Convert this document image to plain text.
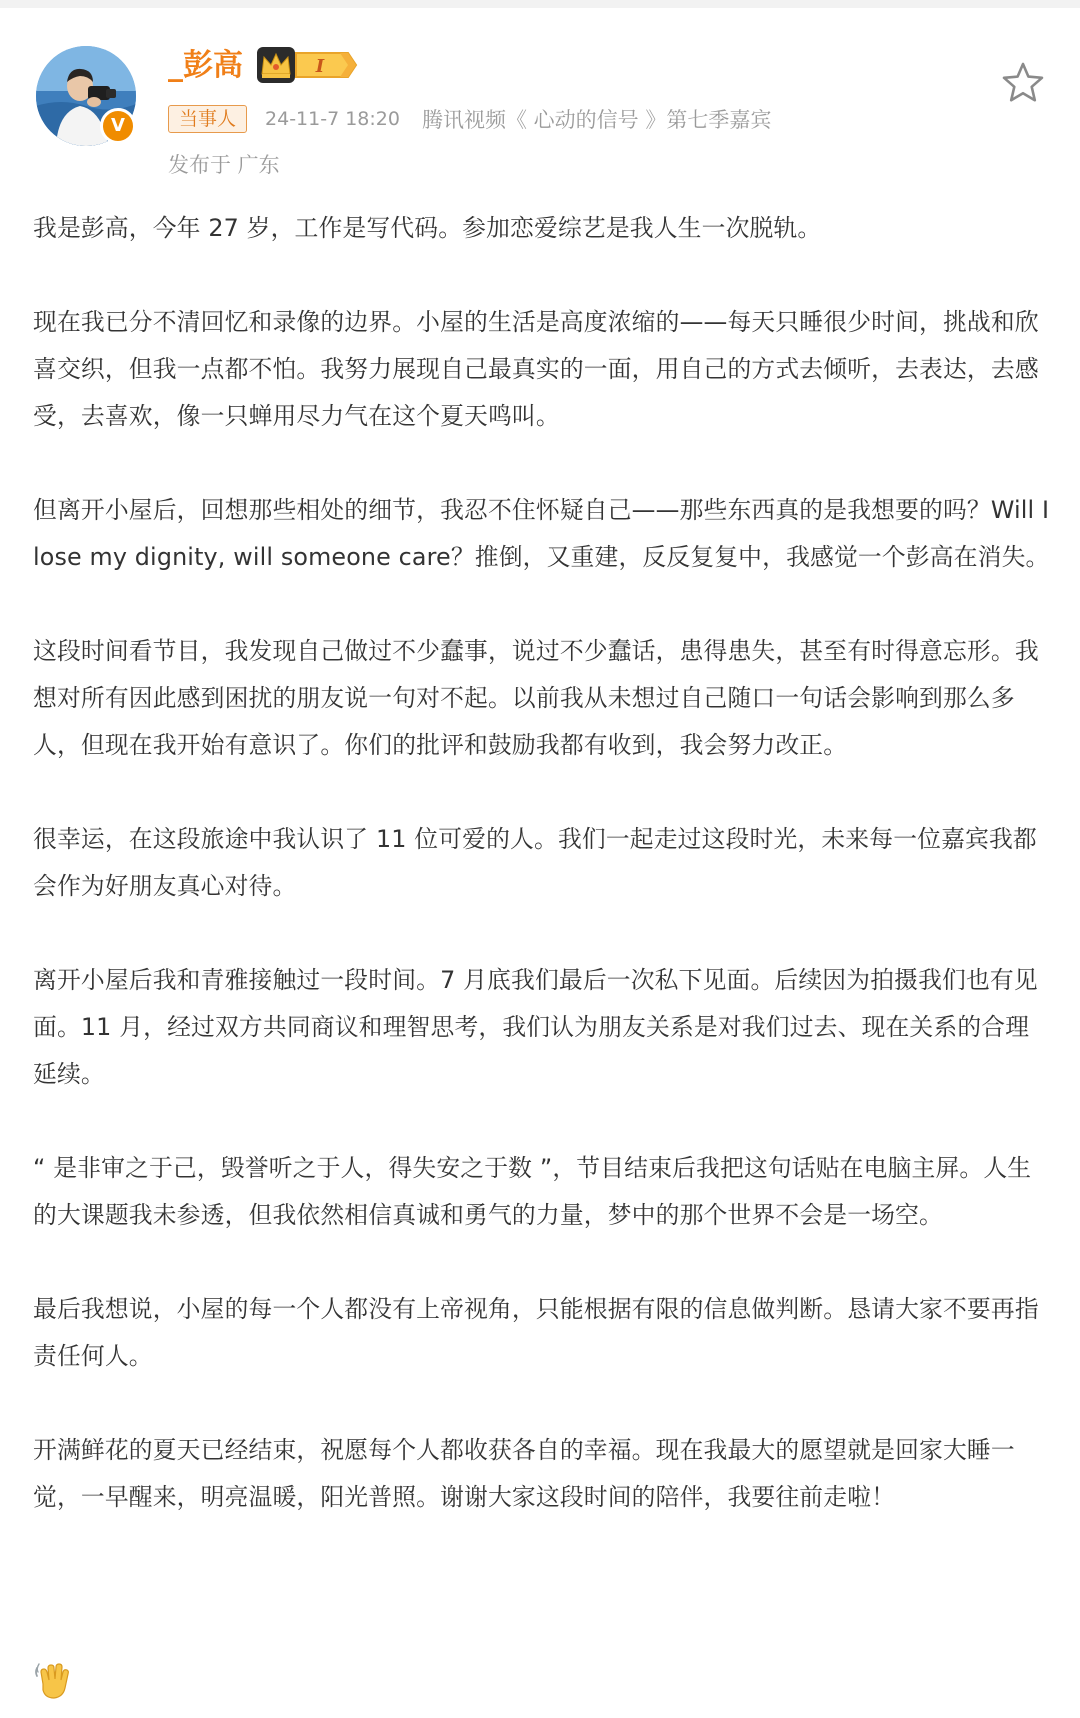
V
_彭高	I
当事人	24-11-7 18:20 腾讯视频《 心动的信号 》第七季嘉宾
发布于 广东

我是彭高，今年 27 岁，工作是写代码。参加恋爱综艺是我人生一次脱轨。

现在我已分不清回忆和录像的边界。小屋的生活是高度浓缩的——每天只睡很少时间，挑战和欣喜交织，但我一点都不怕。我努力展现自己最真实的一面，用自己的方式去倾听，去表达，去感受，去喜欢，像一只蝉用尽力气在这个夏天鸣叫。

但离开小屋后，回想那些相处的细节，我忍不住怀疑自己——那些东西真的是我想要的吗？Will I lose my dignity, will someone care？推倒，又重建，反反复复中，我感觉一个彭高在消失。

这段时间看节目，我发现自己做过不少蠢事，说过不少蠢话，患得患失，甚至有时得意忘形。我想对所有因此感到困扰的朋友说一句对不起。以前我从未想过自己随口一句话会影响到那么多人，但现在我开始有意识了。你们的批评和鼓励我都有收到，我会努力改正。

很幸运，在这段旅途中我认识了 11 位可爱的人。我们一起走过这段时光，未来每一位嘉宾我都会作为好朋友真心对待。

离开小屋后我和青雅接触过一段时间。7 月底我们最后一次私下见面。后续因为拍摄我们也有见面。11 月，经过双方共同商议和理智思考，我们认为朋友关系是对我们过去、现在关系的合理延续。

“ 是非审之于己，毁誉听之于人，得失安之于数 ”，节目结束后我把这句话贴在电脑主屏。人生的大课题我未参透，但我依然相信真诚和勇气的力量，梦中的那个世界不会是一场空。

最后我想说，小屋的每一个人都没有上帝视角，只能根据有限的信息做判断。恳请大家不要再指责任何人。

开满鲜花的夏天已经结束，祝愿每个人都收获各自的幸福。现在我最大的愿望就是回家大睡一觉，一早醒来，明亮温暖，阳光普照。谢谢大家这段时间的陪伴，我要往前走啦！
